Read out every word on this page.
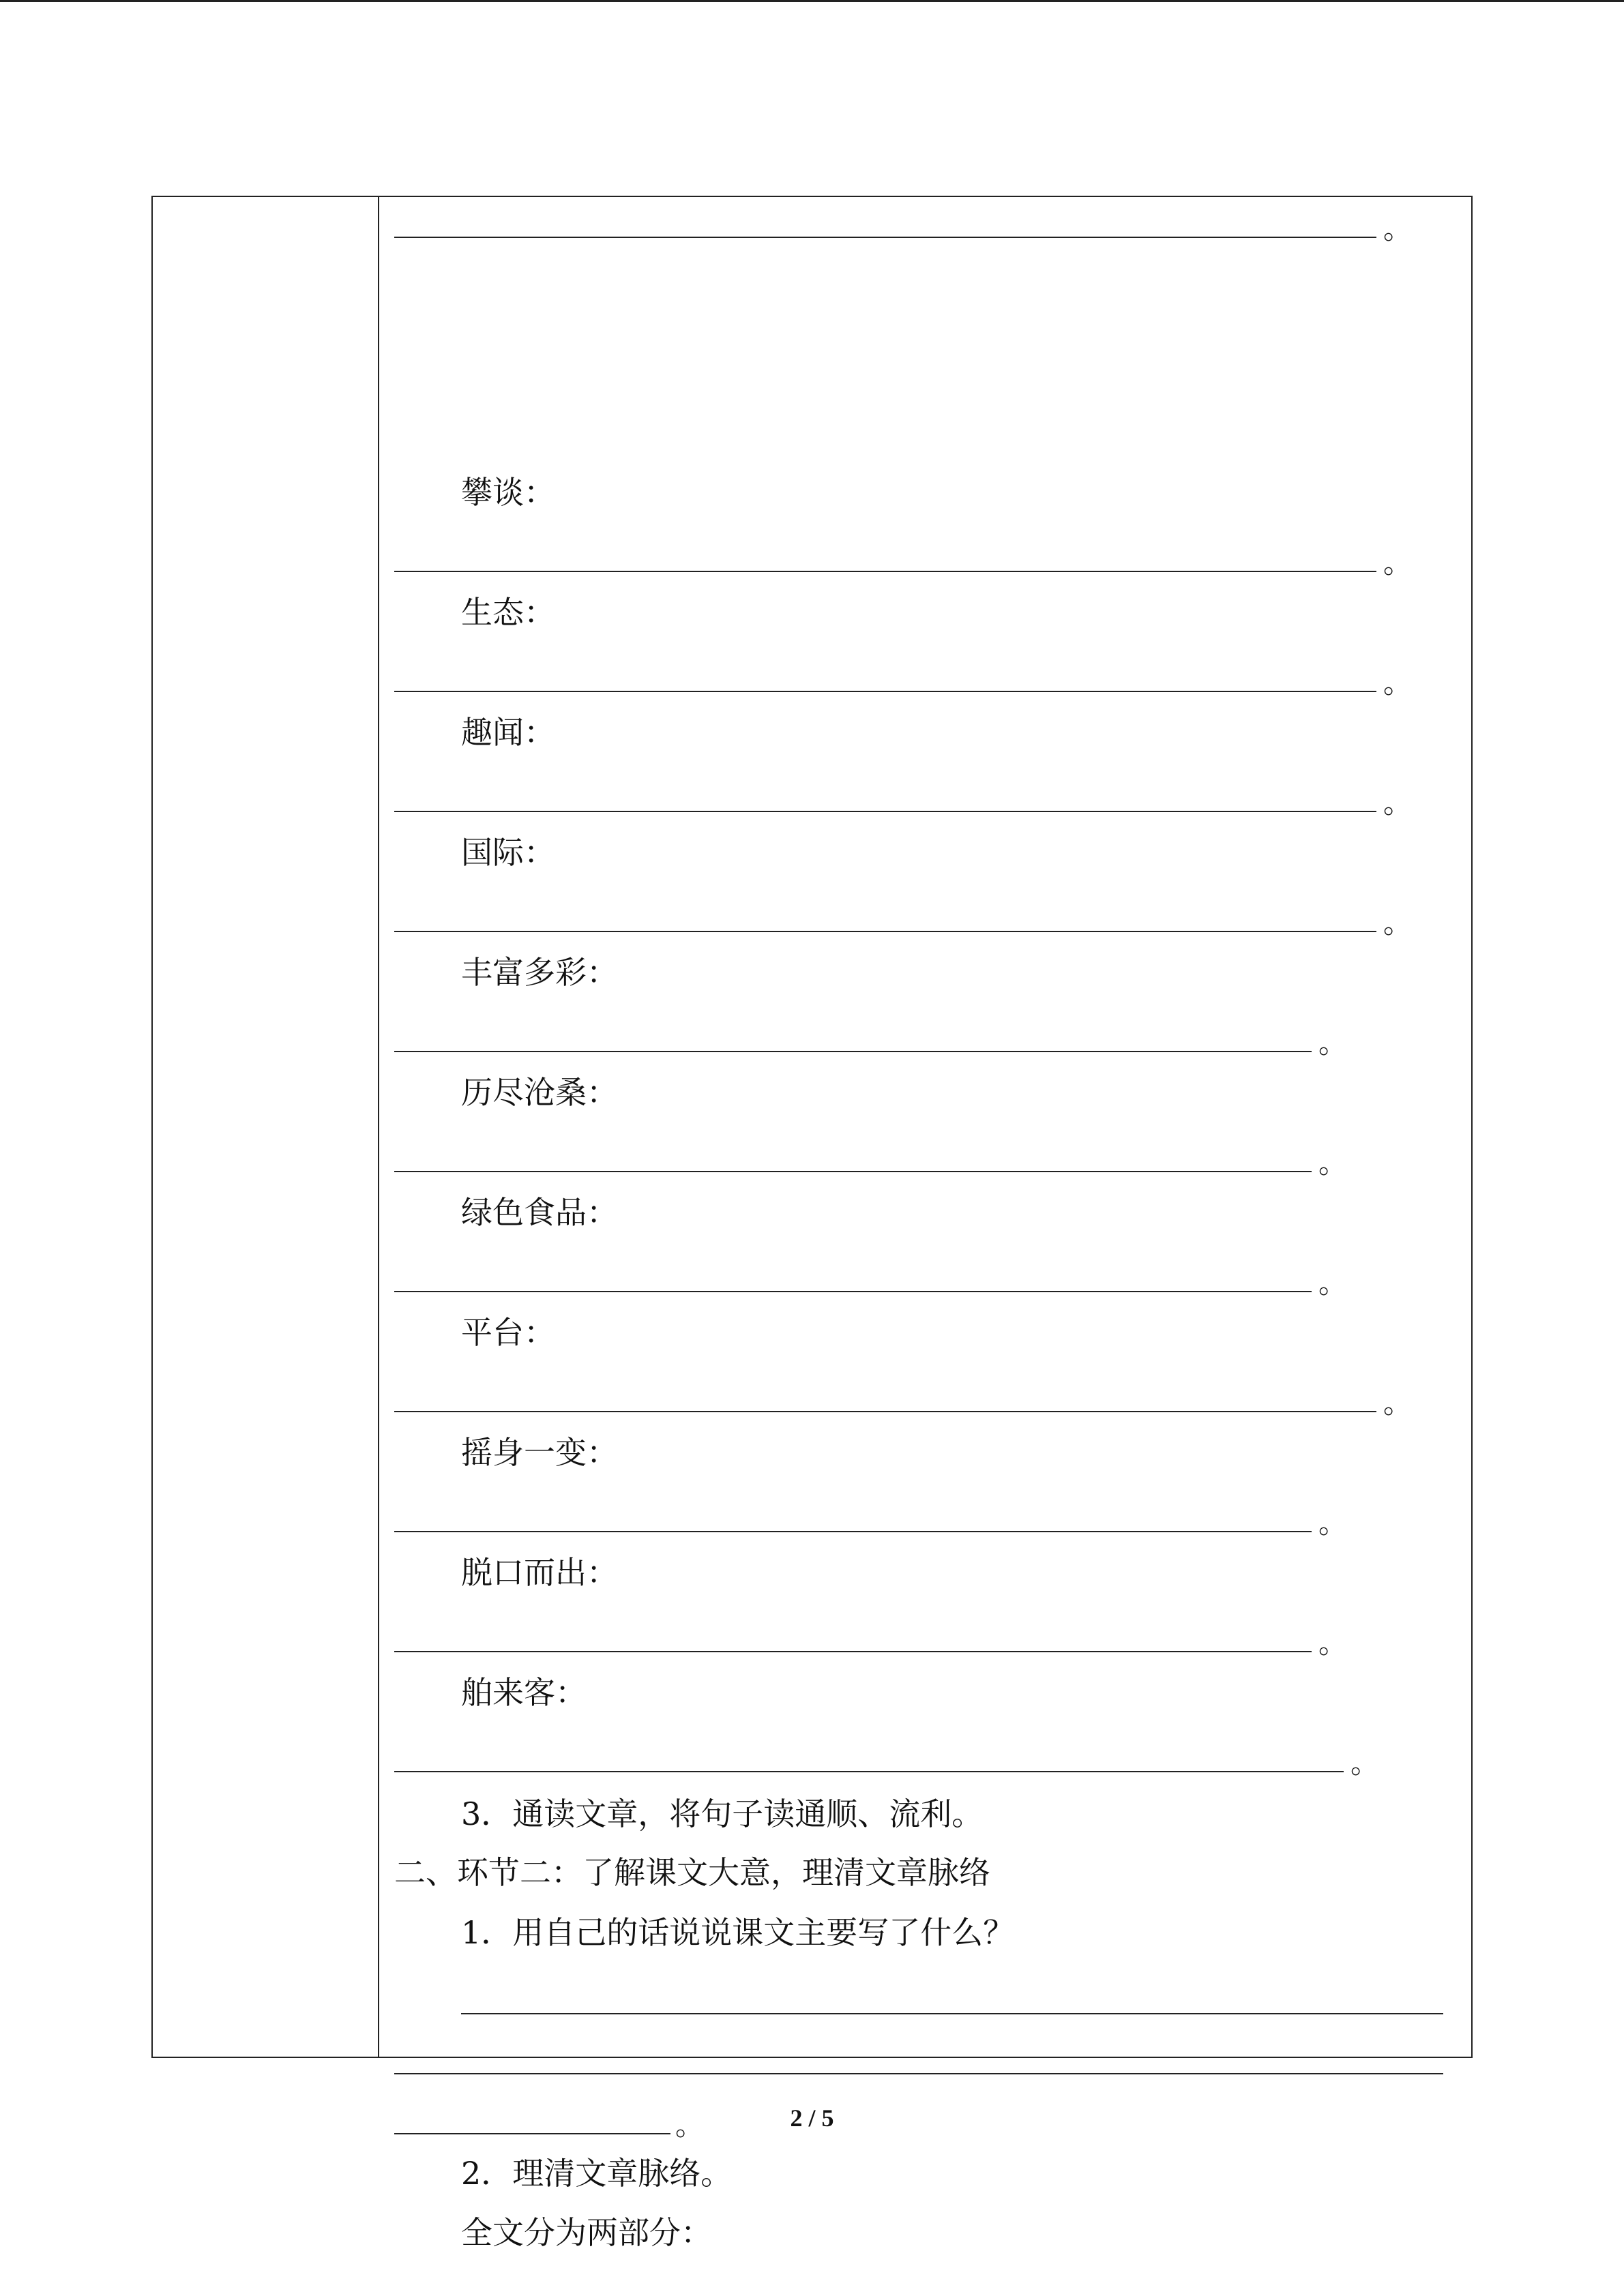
。
攀谈：
。
生态：
。
趣闻：
。
国际：
。
丰富多彩：
。
历尽沧桑：
。
绿色食品：
。
平台：
。
摇身一变：
。
脱口而出：
。
舶来客：
。
3．通读文章，将句子读通顺、流利。
二、环节二：了解课文大意，理清文章脉络
1．用自己的话说说课文主要写了什么？
。
2．理清文章脉络。
全文分为两部分：
2 / 5
